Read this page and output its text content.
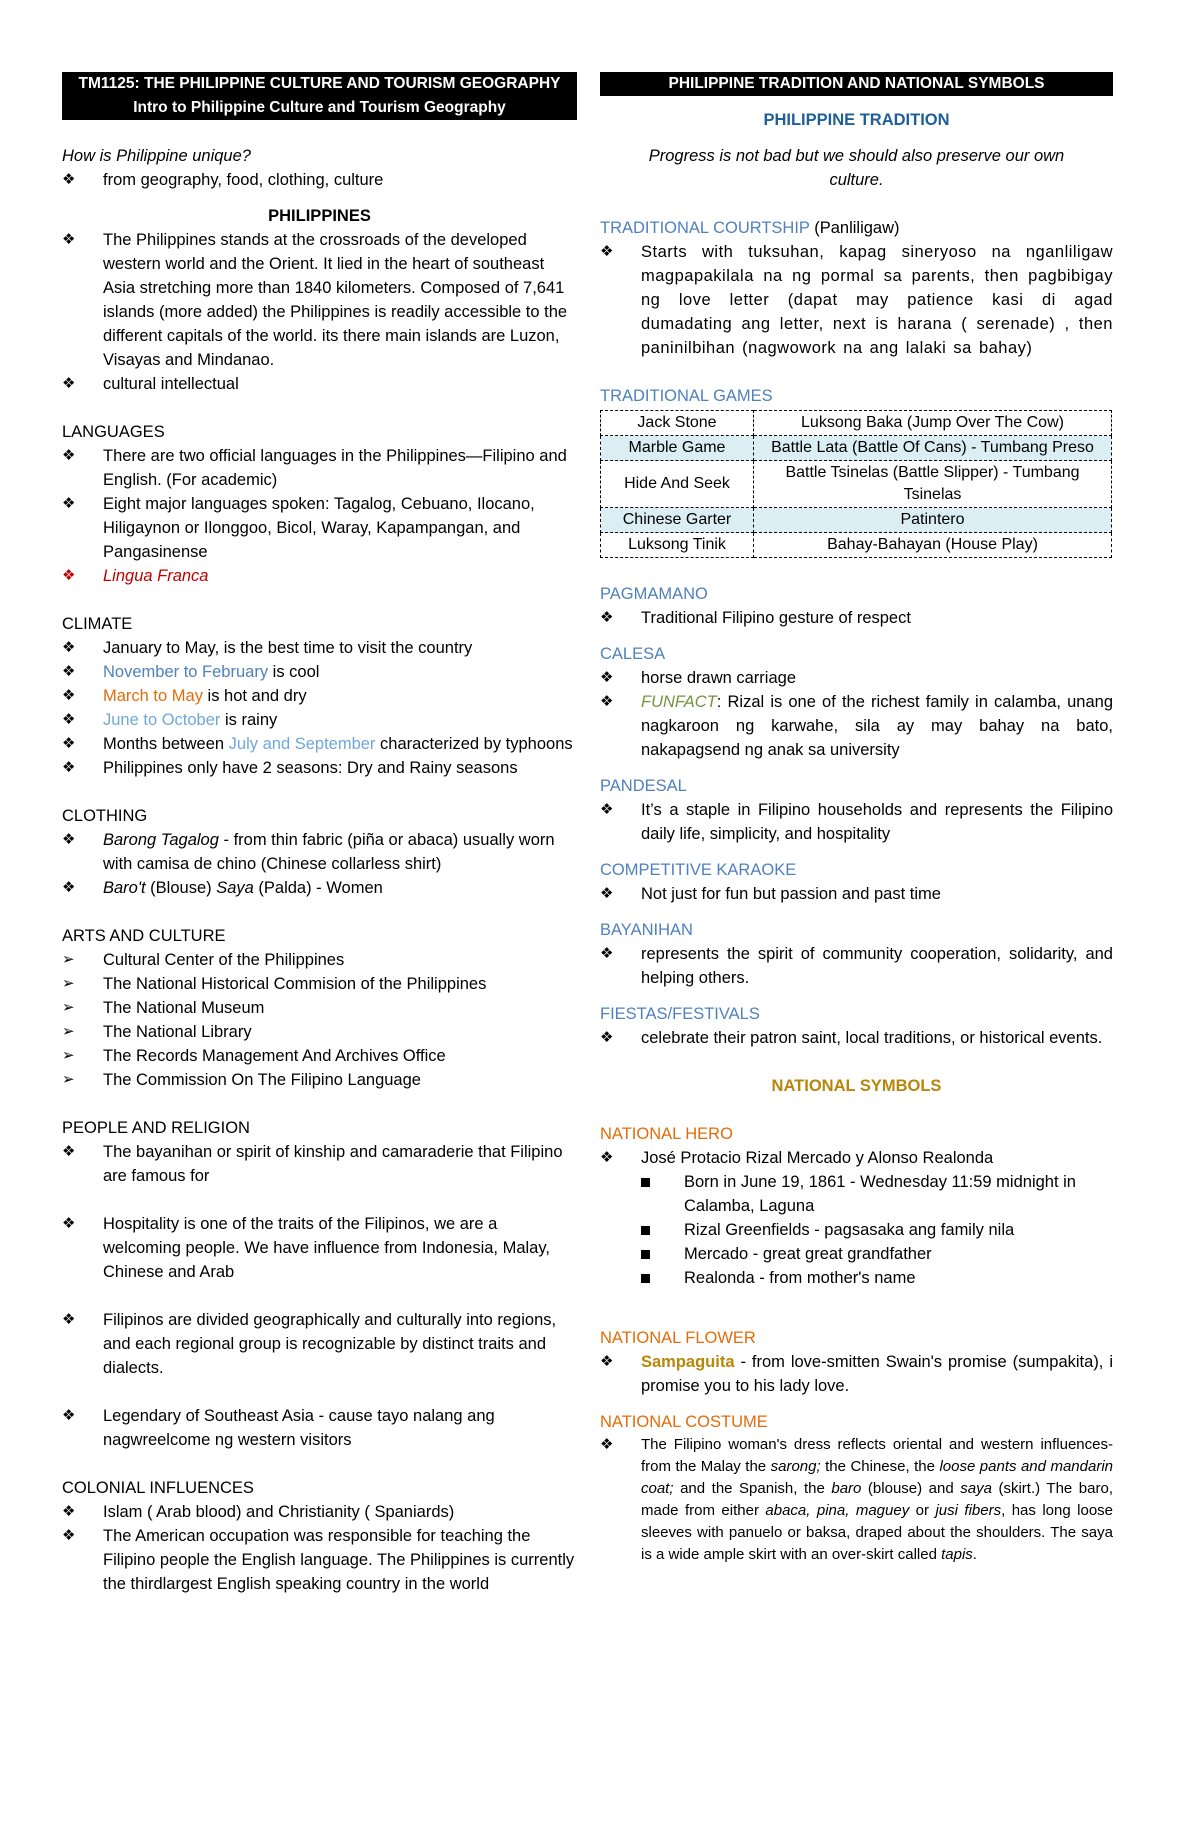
TM1125: THE PHILIPPINE CULTURE AND TOURISM GEOGRAPHY
Intro to Philippine Culture and Tourism Geography
How is Philippine unique?
❖ from geography, food, clothing, culture
PHILIPPINES
❖ The Philippines stands at the crossroads of the developed western world and the Orient. It lied in the heart of southeast Asia stretching more than 1840 kilometers. Composed of 7,641 islands (more added) the Philippines is readily accessible to the different capitals of the world. its there main islands are Luzon, Visayas and Mindanao.
❖ cultural intellectual
LANGUAGES
❖ There are two official languages in the Philippines—Filipino and English. (For academic)
❖ Eight major languages spoken: Tagalog, Cebuano, Ilocano, Hiligaynon or Ilonggoo, Bicol, Waray, Kapampangan, and Pangasinense
❖ Lingua Franca
CLIMATE
❖ January to May, is the best time to visit the country
❖ November to February is cool
❖ March to May is hot and dry
❖ June to October is rainy
❖ Months between July and September characterized by typhoons
❖ Philippines only have 2 seasons: Dry and Rainy seasons
CLOTHING
❖ Barong Tagalog - from thin fabric (piña or abaca) usually worn with camisa de chino (Chinese collarless shirt)
❖ Baro't (Blouse) Saya (Palda) - Women
ARTS AND CULTURE
➢ Cultural Center of the Philippines
➢ The National Historical Commision of the Philippines
➢ The National Museum
➢ The National Library
➢ The Records Management And Archives Office
➢ The Commission On The Filipino Language
PEOPLE AND RELIGION
❖ The bayanihan or spirit of kinship and camaraderie that Filipino are famous for
❖ Hospitality is one of the traits of the Filipinos, we are a welcoming people. We have influence from Indonesia, Malay, Chinese and Arab
❖ Filipinos are divided geographically and culturally into regions, and each regional group is recognizable by distinct traits and dialects.
❖ Legendary of Southeast Asia - cause tayo nalang ang nagwreelcome ng western visitors
COLONIAL INFLUENCES
❖ Islam ( Arab blood) and Christianity ( Spaniards)
❖ The American occupation was responsible for teaching the Filipino people the English language. The Philippines is currently the thirdlargest English speaking country in the world
PHILIPPINE TRADITION AND NATIONAL SYMBOLS
PHILIPPINE TRADITION
Progress is not bad but we should also preserve our own culture.
TRADITIONAL COURTSHIP (Panliligaw)
❖ Starts with tuksuhan, kapag sineryoso na nganliligaw magpapakilala na ng pormal sa parents, then pagbibigay ng love letter (dapat may patience kasi di agad dumadating ang letter, next is harana ( serenade) , then paninilbihan (nagwowork na ang lalaki sa bahay)
TRADITIONAL GAMES
Jack Stone	Luksong Baka (Jump Over The Cow)
Marble Game	Battle Lata (Battle Of Cans) - Tumbang Preso
Hide And Seek	Battle Tsinelas (Battle Slipper) - Tumbang Tsinelas
Chinese Garter	Patintero
Luksong Tinik	Bahay-Bahayan (House Play)
PAGMAMANO
❖ Traditional Filipino gesture of respect
CALESA
❖ horse drawn carriage
❖ FUNFACT: Rizal is one of the richest family in calamba, unang nagkaroon ng karwahe, sila ay may bahay na bato, nakapagsend ng anak sa university
PANDESAL
❖ It’s a staple in Filipino households and represents the Filipino daily life, simplicity, and hospitality
COMPETITIVE KARAOKE
❖ Not just for fun but passion and past time
BAYANIHAN
❖ represents the spirit of community cooperation, solidarity, and helping others.
FIESTAS/FESTIVALS
❖ celebrate their patron saint, local traditions, or historical events.
NATIONAL SYMBOLS
NATIONAL HERO
❖ José Protacio Rizal Mercado y Alonso Realonda
Born in June 19, 1861 - Wednesday 11:59 midnight in Calamba, Laguna
Rizal Greenfields - pagsasaka ang family nila
Mercado - great great grandfather
Realonda - from mother's name
NATIONAL FLOWER
❖ Sampaguita - from love-smitten Swain's promise (sumpakita), i promise you to his lady love.
NATIONAL COSTUME
❖ The Filipino woman's dress reflects oriental and western influences- from the Malay the sarong; the Chinese, the loose pants and mandarin coat; and the Spanish, the baro (blouse) and saya (skirt.) The baro, made from either abaca, pina, maguey or jusi fibers, has long loose sleeves with panuelo or baksa, draped about the shoulders. The saya is a wide ample skirt with an over-skirt called tapis.
